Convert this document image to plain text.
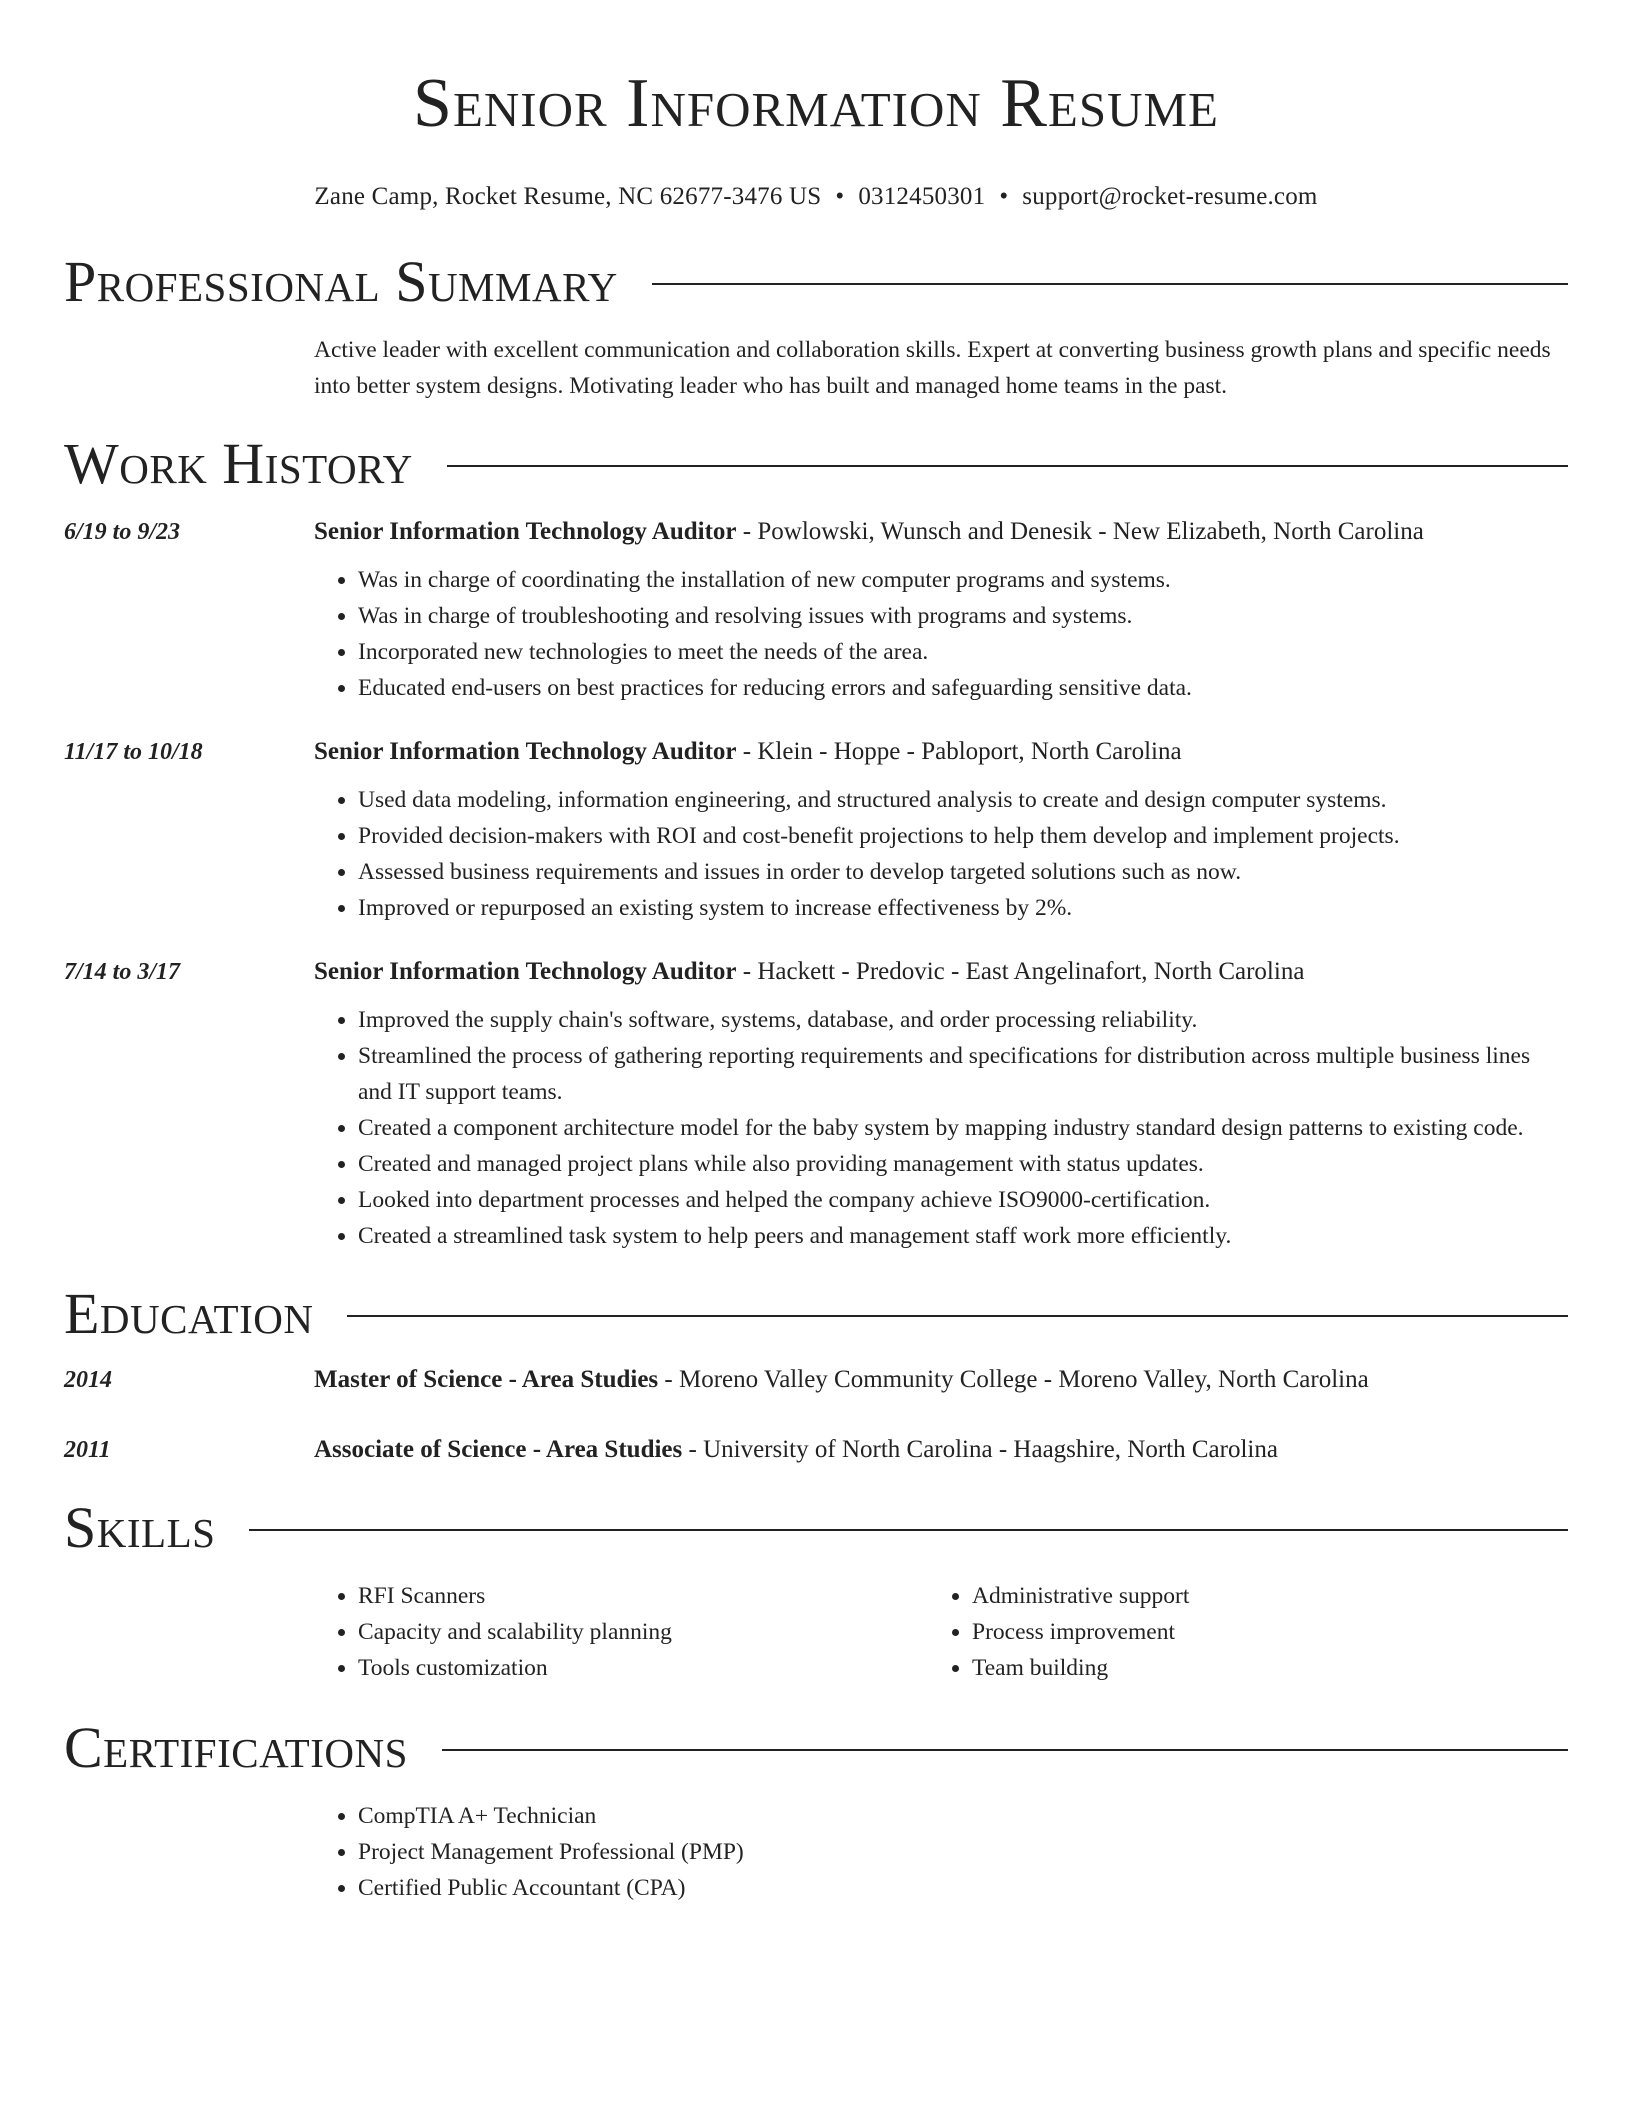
Senior Information Resume
Zane Camp, Rocket Resume, NC 62677-3476 US • 0312450301 • support@rocket-resume.com
Professional Summary
Active leader with excellent communication and collaboration skills. Expert at converting business growth plans and specific needs into better system designs. Motivating leader who has built and managed home teams in the past.
Work History
6/19 to 9/23	Senior Information Technology Auditor - Powlowski, Wunsch and Denesik - New Elizabeth, North Carolina
• Was in charge of coordinating the installation of new computer programs and systems.
• Was in charge of troubleshooting and resolving issues with programs and systems.
• Incorporated new technologies to meet the needs of the area.
• Educated end-users on best practices for reducing errors and safeguarding sensitive data.
11/17 to 10/18	Senior Information Technology Auditor - Klein - Hoppe - Pabloport, North Carolina
• Used data modeling, information engineering, and structured analysis to create and design computer systems.
• Provided decision-makers with ROI and cost-benefit projections to help them develop and implement projects.
• Assessed business requirements and issues in order to develop targeted solutions such as now.
• Improved or repurposed an existing system to increase effectiveness by 2%.
7/14 to 3/17	Senior Information Technology Auditor - Hackett - Predovic - East Angelinafort, North Carolina
• Improved the supply chain's software, systems, database, and order processing reliability.
• Streamlined the process of gathering reporting requirements and specifications for distribution across multiple business lines and IT support teams.
• Created a component architecture model for the baby system by mapping industry standard design patterns to existing code.
• Created and managed project plans while also providing management with status updates.
• Looked into department processes and helped the company achieve ISO9000-certification.
• Created a streamlined task system to help peers and management staff work more efficiently.
Education
2014	Master of Science - Area Studies - Moreno Valley Community College - Moreno Valley, North Carolina
2011	Associate of Science - Area Studies - University of North Carolina - Haagshire, North Carolina
Skills
• RFI Scanners
• Capacity and scalability planning
• Tools customization
• Administrative support
• Process improvement
• Team building
Certifications
• CompTIA A+ Technician
• Project Management Professional (PMP)
• Certified Public Accountant (CPA)
